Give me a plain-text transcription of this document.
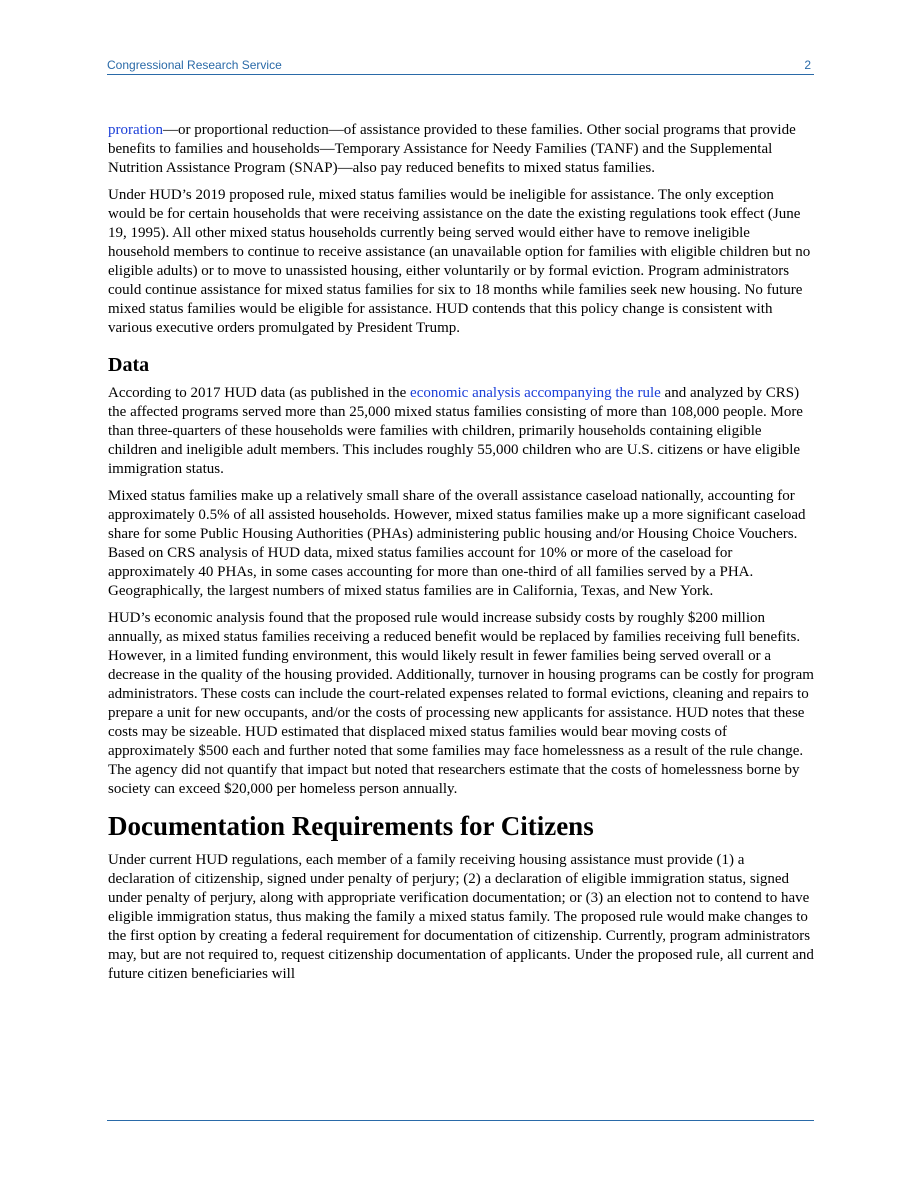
Congressional Research Service	2

proration—or proportional reduction—of assistance provided to these families. Other social programs that provide benefits to families and households—Temporary Assistance for Needy Families (TANF) and the Supplemental Nutrition Assistance Program (SNAP)—also pay reduced benefits to mixed status families.

Under HUD’s 2019 proposed rule, mixed status families would be ineligible for assistance. The only exception would be for certain households that were receiving assistance on the date the existing regulations took effect (June 19, 1995). All other mixed status households currently being served would either have to remove ineligible household members to continue to receive assistance (an unavailable option for families with eligible children but no eligible adults) or to move to unassisted housing, either voluntarily or by formal eviction. Program administrators could continue assistance for mixed status families for six to 18 months while families seek new housing. No future mixed status families would be eligible for assistance. HUD contends that this policy change is consistent with various executive orders promulgated by President Trump.

Data

According to 2017 HUD data (as published in the economic analysis accompanying the rule and analyzed by CRS) the affected programs served more than 25,000 mixed status families consisting of more than 108,000 people. More than three-quarters of these households were families with children, primarily households containing eligible children and ineligible adult members. This includes roughly 55,000 children who are U.S. citizens or have eligible immigration status.

Mixed status families make up a relatively small share of the overall assistance caseload nationally, accounting for approximately 0.5% of all assisted households. However, mixed status families make up a more significant caseload share for some Public Housing Authorities (PHAs) administering public housing and/or Housing Choice Vouchers. Based on CRS analysis of HUD data, mixed status families account for 10% or more of the caseload for approximately 40 PHAs, in some cases accounting for more than one-third of all families served by a PHA. Geographically, the largest numbers of mixed status families are in California, Texas, and New York.

HUD’s economic analysis found that the proposed rule would increase subsidy costs by roughly $200 million annually, as mixed status families receiving a reduced benefit would be replaced by families receiving full benefits. However, in a limited funding environment, this would likely result in fewer families being served overall or a decrease in the quality of the housing provided. Additionally, turnover in housing programs can be costly for program administrators. These costs can include the court-related expenses related to formal evictions, cleaning and repairs to prepare a unit for new occupants, and/or the costs of processing new applicants for assistance. HUD notes that these costs may be sizeable. HUD estimated that displaced mixed status families would bear moving costs of approximately $500 each and further noted that some families may face homelessness as a result of the rule change. The agency did not quantify that impact but noted that researchers estimate that the costs of homelessness borne by society can exceed $20,000 per homeless person annually.

Documentation Requirements for Citizens

Under current HUD regulations, each member of a family receiving housing assistance must provide (1) a declaration of citizenship, signed under penalty of perjury; (2) a declaration of eligible immigration status, signed under penalty of perjury, along with appropriate verification documentation; or (3) an election not to contend to have eligible immigration status, thus making the family a mixed status family. The proposed rule would make changes to the first option by creating a federal requirement for documentation of citizenship. Currently, program administrators may, but are not required to, request citizenship documentation of applicants. Under the proposed rule, all current and future citizen beneficiaries will
